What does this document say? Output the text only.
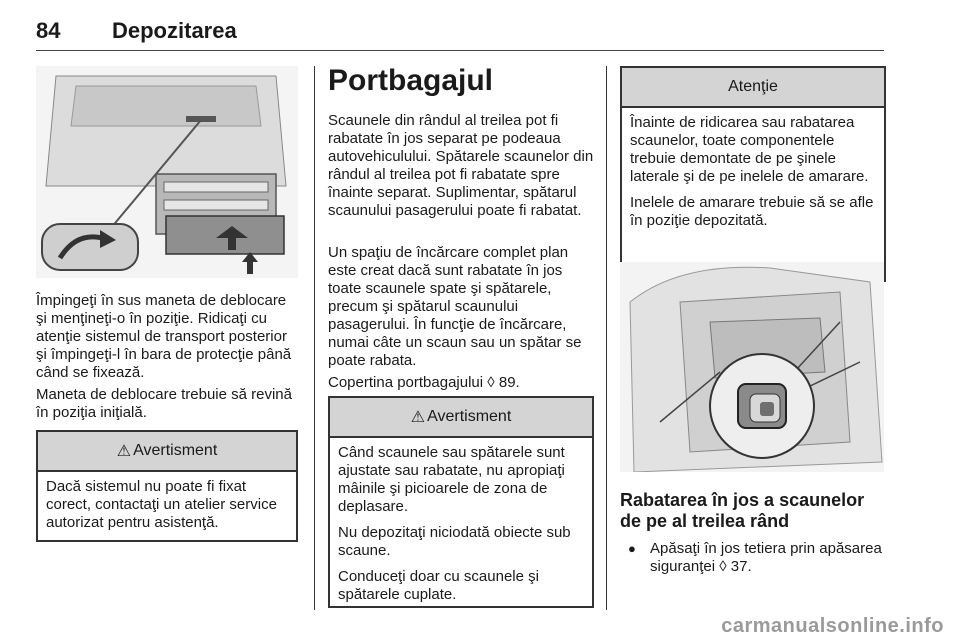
84 Depozitarea

Împingeţi în sus maneta de deblocare şi menţineţi-o în poziţie. Ridicaţi cu atenţie sistemul de transport posterior şi împingeţi-l în bara de protecţie până când se fixează.

Maneta de deblocare trebuie să revină în poziţia iniţială.

⚠ Avertisment

Dacă sistemul nu poate fi fixat corect, contactaţi un atelier service autorizat pentru asistenţă.

Portbagajul

Scaunele din rândul al treilea pot fi rabatate în jos separat pe podeaua autovehiculului. Spătarele scaunelor din rândul al treilea pot fi rabatate spre înainte separat. Suplimentar, spătarul scaunului pasagerului poate fi rabatat.

Un spaţiu de încărcare complet plan este creat dacă sunt rabatate în jos toate scaunele spate şi spătarele, precum şi spătarul scaunului pasagerului. În funcţie de încărcare, numai câte un scaun sau un spătar se poate rabata.

Copertina portbagajului ◊ 89.

⚠ Avertisment

Când scaunele sau spătarele sunt ajustate sau rabatate, nu apropiaţi mâinile şi picioarele de zona de deplasare.

Nu depozitaţi niciodată obiecte sub scaune.

Conduceţi doar cu scaunele şi spătarele cuplate.

Atenţie

Înainte de ridicarea sau rabatarea scaunelor, toate componentele trebuie demontate de pe şinele laterale şi de pe inelele de amarare.

Inelele de amarare trebuie să se afle în poziţie depozitată.

Rabatarea în jos a scaunelor de pe al treilea rând
● Apăsaţi în jos tetiera prin apăsarea siguranţei ◊ 37.

carmanualsonline.info
